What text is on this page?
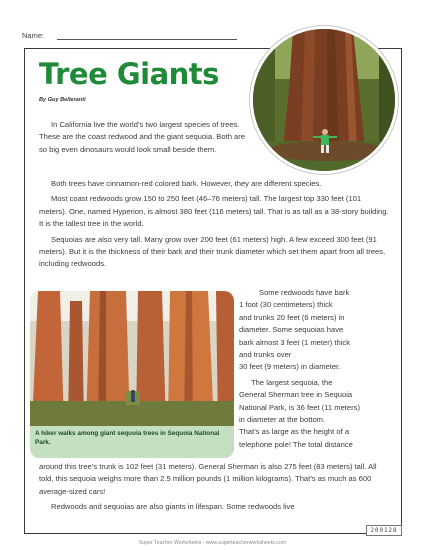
Name:
Tree Giants
By Guy Belleranti

In California live the world’s two largest species of trees. These are the coast redwood and the giant sequoia. Both are so big even dinosaurs would look small beside them.

Both trees have cinnamon-red colored bark. However, they are different species.

Most coast redwoods grow 150 to 250 feet (46–76 meters) tall. The largest top 330 feet (101 meters). One, named Hyperion, is almost 380 feet (116 meters) tall. That is as tall as a 38-story building. It is the tallest tree in the world.

Sequoias are also very tall. Many grow over 200 feet (61 meters) high. A few exceed 300 feet (91 meters). But it is the thickness of their bark and their trunk diameter which set them apart from all trees, including redwoods.

A hiker walks among giant sequoia trees in Sequoia National Park.
Some redwoods have bark
1 foot (30 centimeters) thick
and trunks 20 feet (6 meters) in
diameter. Some sequoias have
bark almost 3 feet (1 meter) thick
and trunks over
30 feet (9 meters) in diameter.
The largest sequoia, the
General Sherman tree in Sequoia
National Park, is 36 feet (11 meters)
in diameter at the bottom.
That’s as large as the height of a
telephone pole! The total distance
around this tree’s trunk is 102 feet (31 meters). General Sherman is also 275 feet (83 meters) tall. All told, this sequoia weighs more than 2.5 million pounds (1 million kilograms). That’s as much as 600 average-sized cars!

Redwoods and sequoias are also giants in lifespan. Some redwoods live

Super Teacher Worksheets - www.superteacherworksheets.com
200128
